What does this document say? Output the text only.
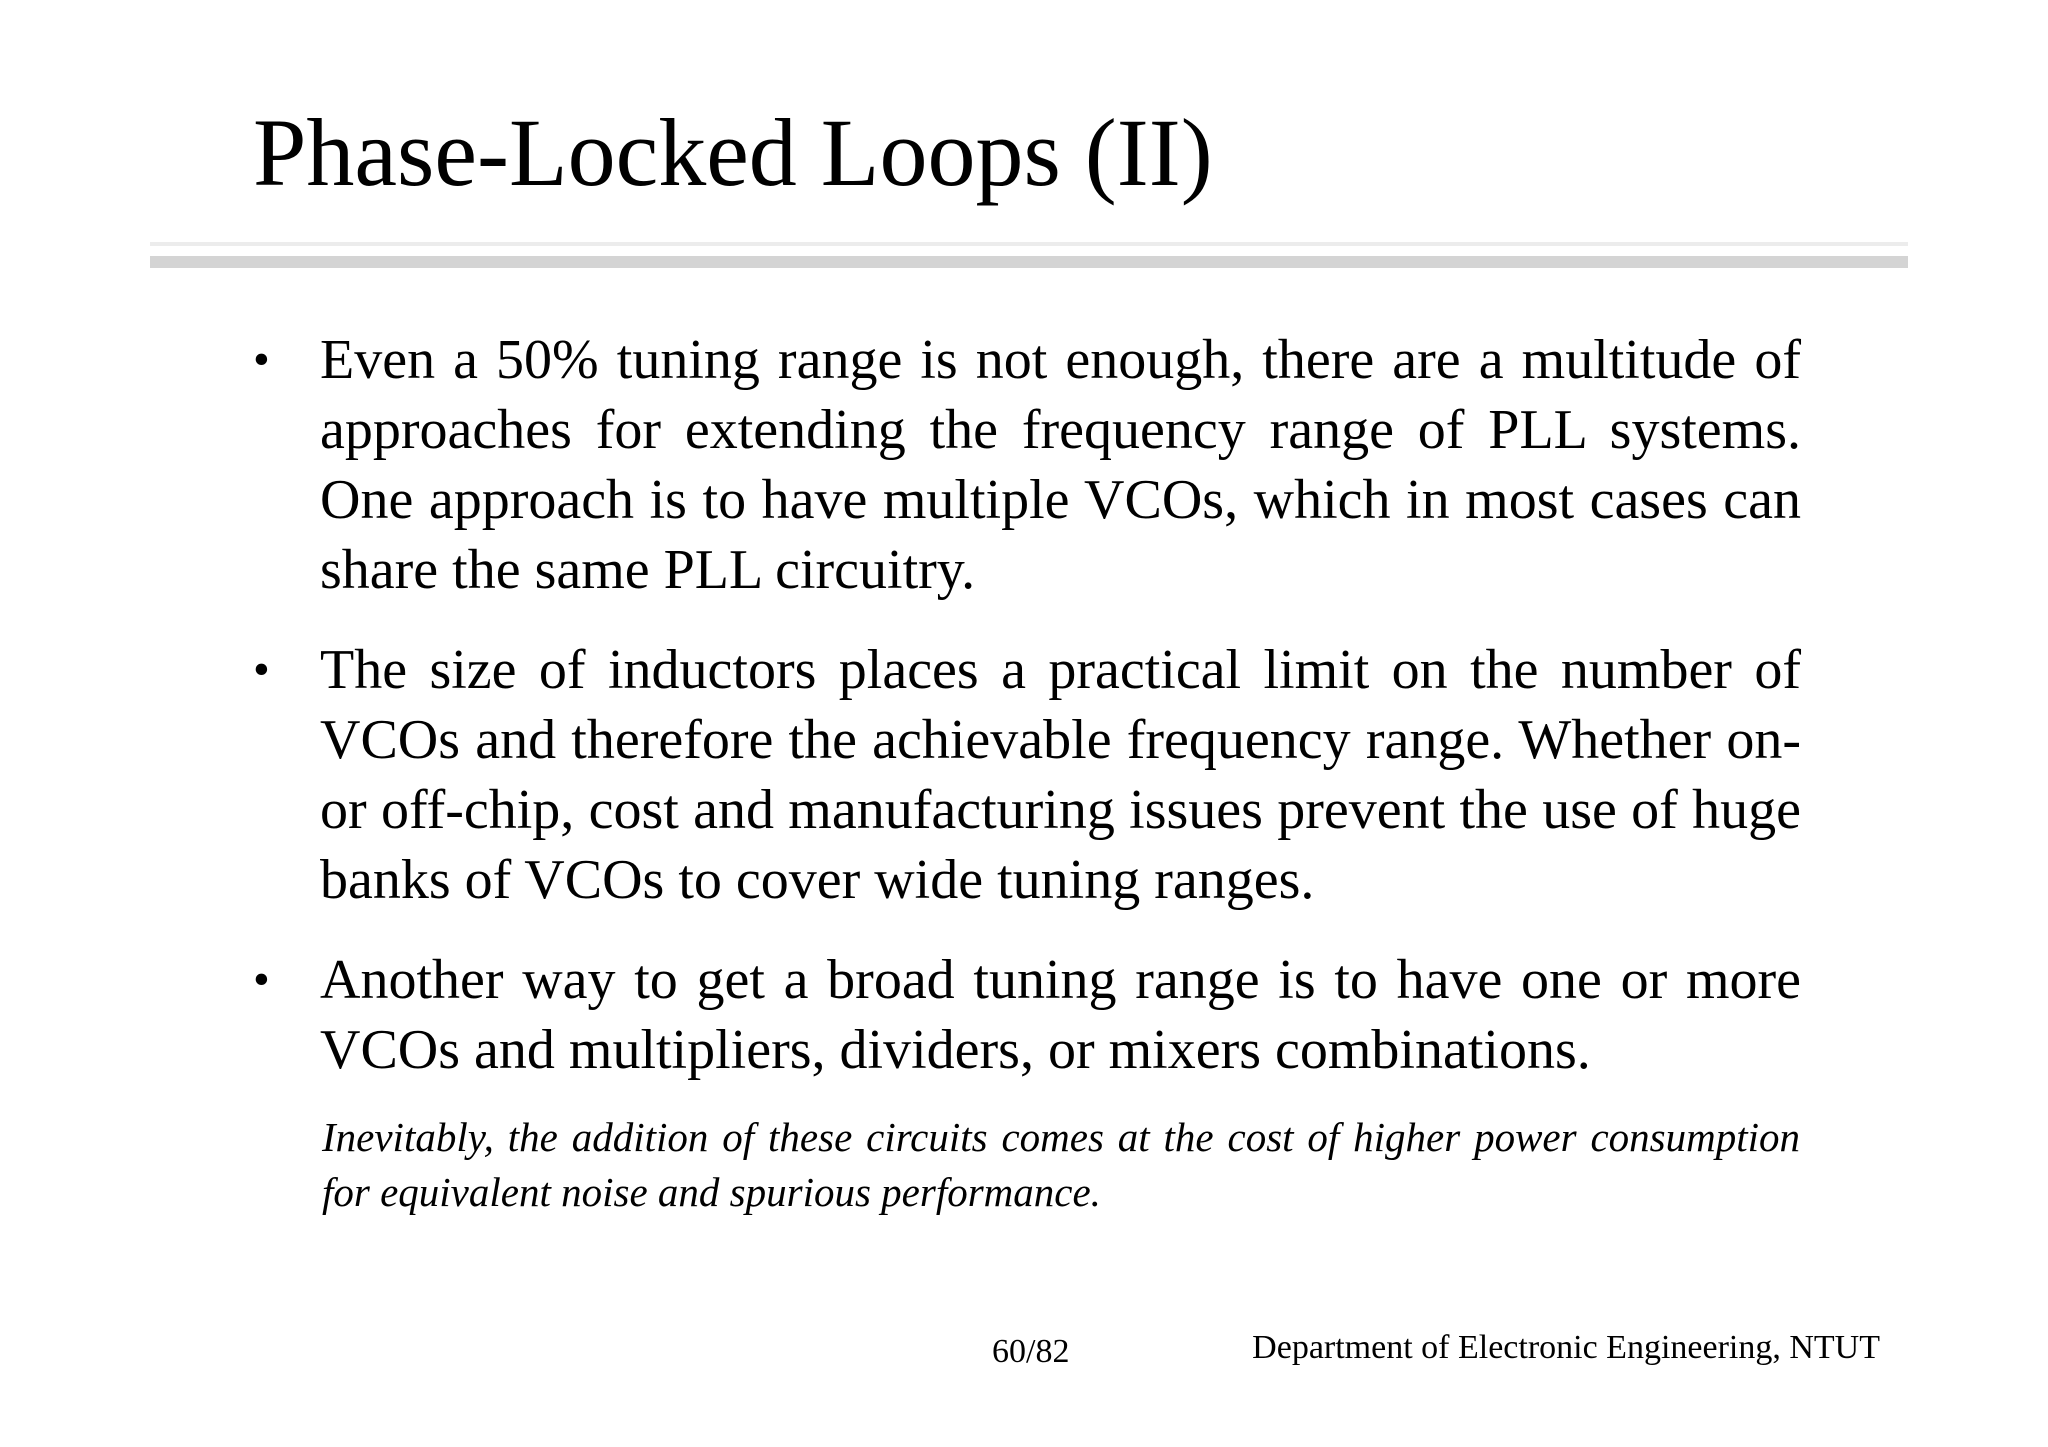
Phase-Locked Loops (II)
• Even a 50% tuning range is not enough, there are a multitude of approaches for extending the frequency range of PLL systems. One approach is to have multiple VCOs, which in most cases can share the same PLL circuitry.
• The size of inductors places a practical limit on the number of VCOs and therefore the achievable frequency range. Whether on- or off-chip, cost and manufacturing issues prevent the use of huge banks of VCOs to cover wide tuning ranges.
• Another way to get a broad tuning range is to have one or more VCOs and multipliers, dividers, or mixers combinations.

Inevitably, the addition of these circuits comes at the cost of higher power consumption for equivalent noise and spurious performance.

60/82	Department of Electronic Engineering, NTUT
